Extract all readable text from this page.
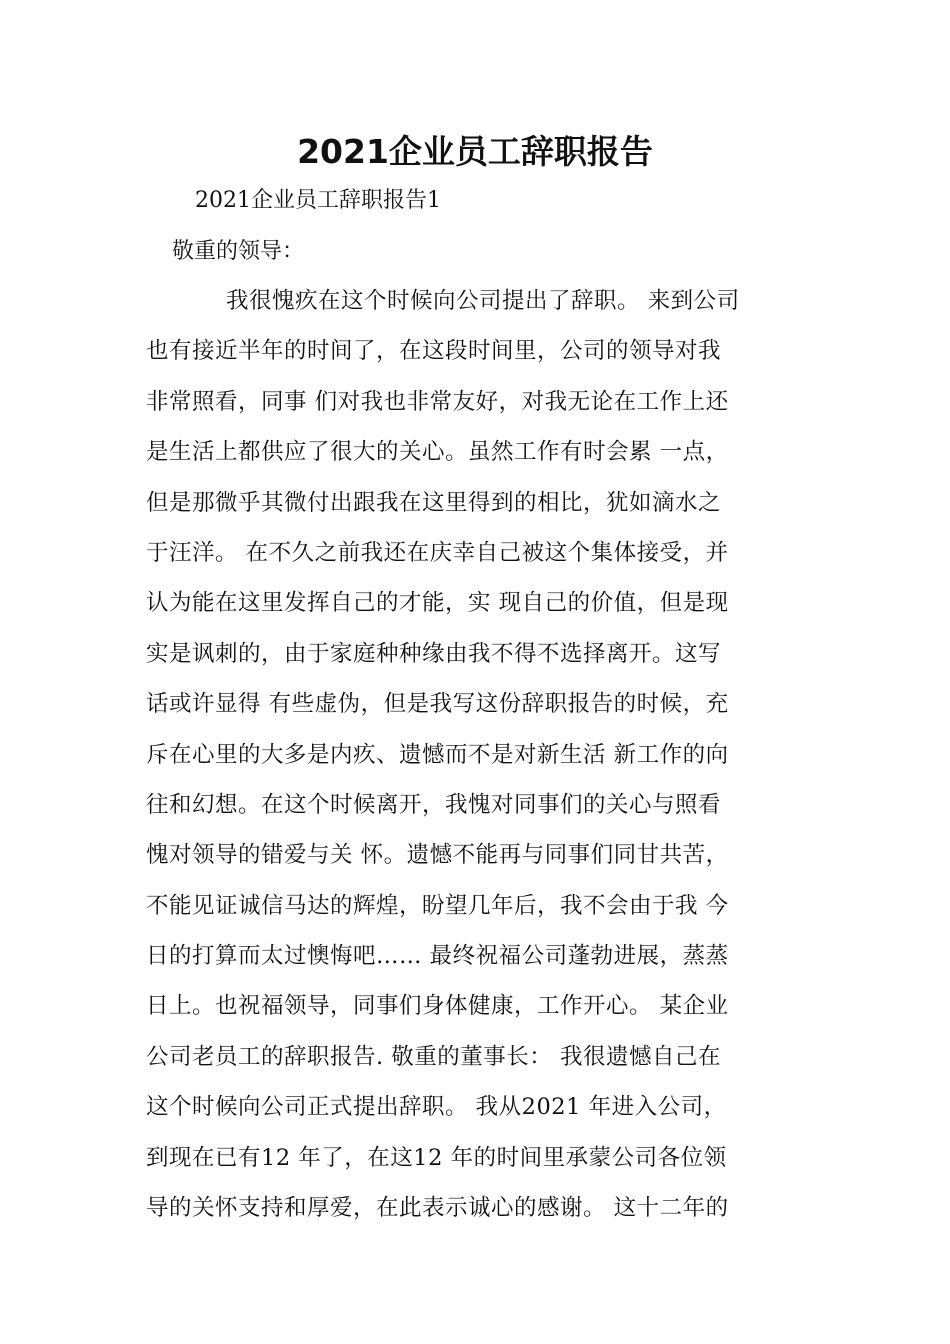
2021企业员工辞职报告

2021企业员工辞职报告1

敬重的领导：

我很愧疚在这个时候向公司提出了辞职。 来到公司
也有接近半年的时间了，在这段时间里，公司的领导对我
非常照看，同事 们对我也非常友好，对我无论在工作上还
是生活上都供应了很大的关心。虽然工作有时会累 一点，
但是那微乎其微付出跟我在这里得到的相比，犹如滴水之
于汪洋。 在不久之前我还在庆幸自己被这个集体接受，并
认为能在这里发挥自己的才能，实 现自己的价值，但是现
实是讽刺的，由于家庭种种缘由我不得不选择离开。这写
话或许显得 有些虚伪，但是我写这份辞职报告的时候，充
斥在心里的大多是内疚、遗憾而不是对新生活 新工作的向
往和幻想。在这个时候离开，我愧对同事们的关心与照看
愧对领导的错爱与关 怀。遗憾不能再与同事们同甘共苦，
不能见证诚信马达的辉煌，盼望几年后，我不会由于我 今
日的打算而太过懊悔吧…… 最终祝福公司蓬勃进展，蒸蒸
日上。也祝福领导，同事们身体健康，工作开心。 某企业
公司老员工的辞职报告. 敬重的董事长： 我很遗憾自己在
这个时候向公司正式提出辞职。 我从2021 年进入公司，
到现在已有12 年了，在这12 年的时间里承蒙公司各位领
导的关怀支持和厚爱，在此表示诚心的感谢。 这十二年的
